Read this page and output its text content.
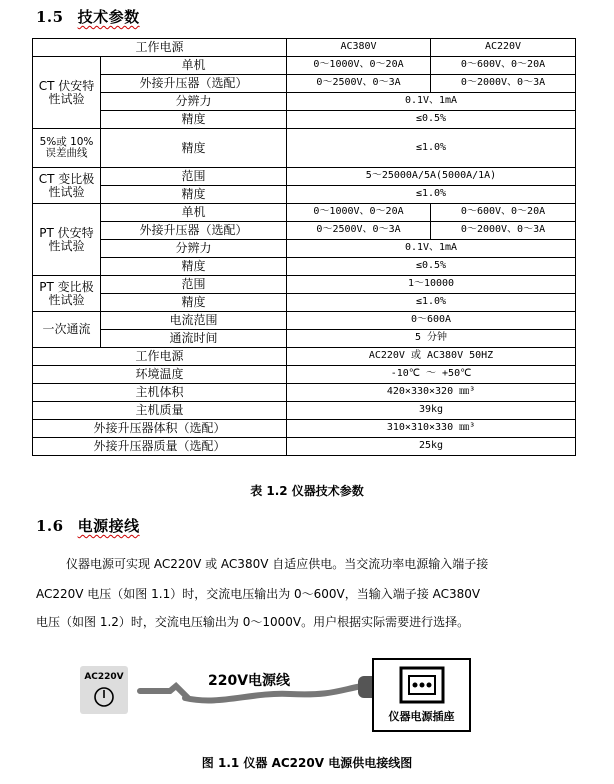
1.5 技术参数
工作电源		AC380V	AC220V
CT 伏安特性试验	单机	0～1000V、0～20A	0～600V、0～20A
	外接升压器（选配）	0～2500V、0～3A	0～2000V、0～3A
	分辨力	0.1V、1mA	
	精度	≤0.5%	
5%或 10%误差曲线	精度	≤1.0%	
CT 变比极性试验	范围	5～25000A/5A(5000A/1A)	
	精度	≤1.0%	
PT 伏安特性试验	单机	0～1000V、0～20A	0～600V、0～20A
	外接升压器（选配）	0～2500V、0～3A	0～2000V、0～3A
	分辨力	0.1V、1mA	
	精度	≤0.5%	
PT 变比极性试验	范围	1～10000	
	精度	≤1.0%	
一次通流	电流范围	0～600A	
	通流时间	5 分钟	
工作电源		AC220V 或 AC380V 50HZ	
环境温度		-10℃ ～ +50℃	
主机体积		420×330×320 ㎜³	
主机质量		39kg	
外接升压器体积（选配）		310×310×330 ㎜³	
外接升压器质量（选配）		25kg	
表 1.2 仪器技术参数
1.6 电源接线
仪器电源可实现 AC220V 或 AC380V 自适应供电。当交流功率电源输入端子接
AC220V 电压（如图 1.1）时，交流电压输出为 0～600V，当输入端子接 AC380V
电压（如图 1.2）时，交流电压输出为 0～1000V。用户根据实际需要进行选择。
AC220V	220V电源线
仪器电源插座
图 1.1 仪器 AC220V 电源供电接线图
